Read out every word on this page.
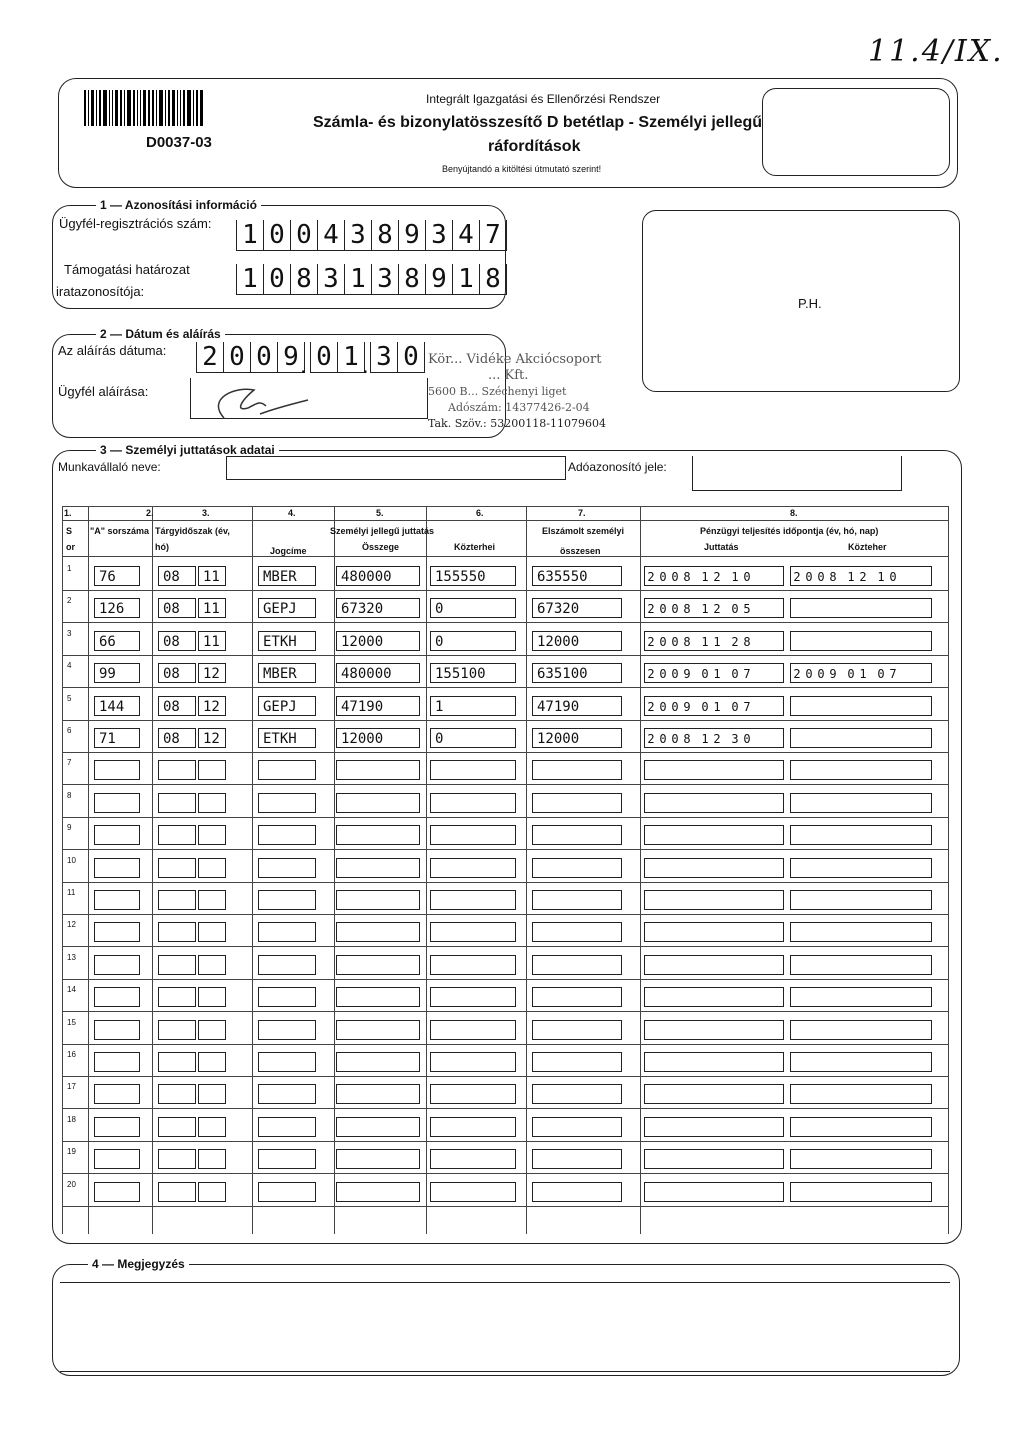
D0037-03
Integrált Igazgatási és Ellenőrzési Rendszer
Számla- és bizonylatösszesítő D betétlap - Személyi jellegű
ráfordítások
Benyújtandó a kitöltési útmutató szerint!
11.4/IX.
1 — Azonosítási információ
Ügyfél-regisztrációs szám: 1 0 0 4 3 8 9 3 4 7
Támogatási határozat
iratazonosítója:	1 0 8 3 1 3 8 9 1 8
P.H.
2 — Dátum és aláírás
Az aláírás dátuma: 2 0 0 9 . 0 1 . 3 0
Ügyfél aláírása:
Kör... Vidéke Akciócsoport
... Kft.
5600 B... Széchenyi liget
Adószám: 14377426-2-04
Tak. Szöv.: 53200118-11079604
3 — Személyi juttatások adatai
Munkavállaló neve:	Adóazonosító jele:
1.	2.	3.	4.	5.	6.	7.	8.
S
or
"A" sorszáma Tárgyidőszak (év,
hó)
Személyi jellegű juttatás
Jogcíme	Összege	Közterhei
Elszámolt személyi
összesen
Pénzügyi teljesítés időpontja (év, hó, nap)
Juttatás	Közteher
1
76	08	11	MBER	480000	155550	635550	2 0 0 8 1 2 1 0	2 0 0 8 1 2 1 0
2
126	08	11	GEPJ	67320	0	67320	2 0 0 8 1 2 0 5
3
66	08	11	ETKH	12000	0	12000	2 0 0 8 1 1 2 8
4
99	08	12	MBER	480000	155100	635100	2 0 0 9 0 1 0 7	2 0 0 9 0 1 0 7
5
144	08	12	GEPJ	47190	1	47190	2 0 0 9 0 1 0 7
6
71	08	12	ETKH	12000	0	12000	2 0 0 8 1 2 3 0
7
8
9
10
11
12
13
14
15
16
17
18
19
20
4 — Megjegyzés
